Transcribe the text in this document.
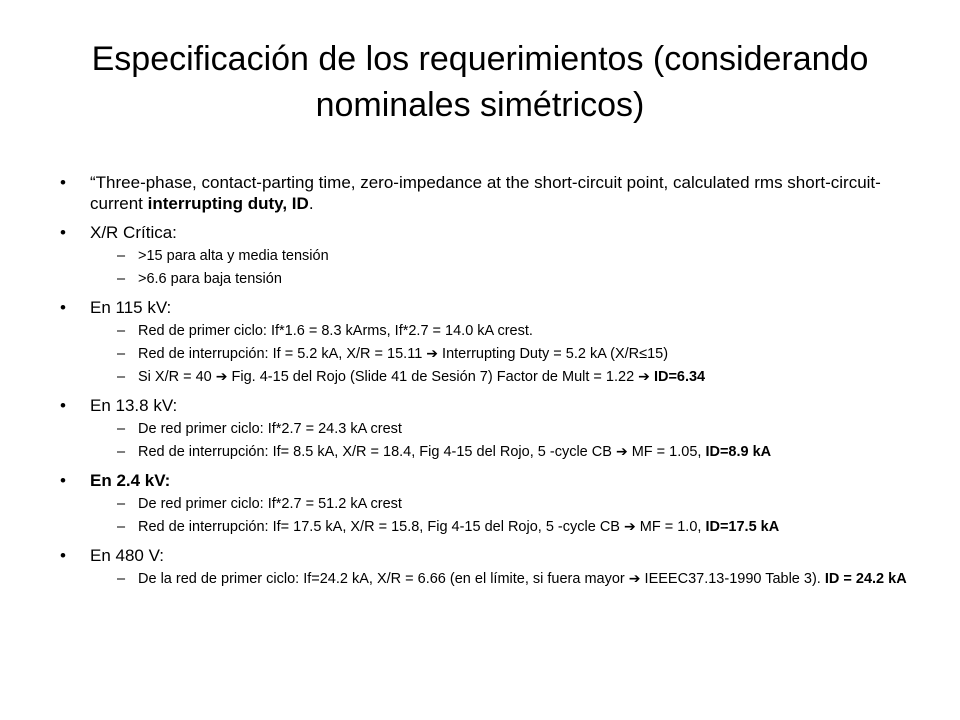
Especificación de los requerimientos (considerando nominales simétricos)
• “Three-phase, contact-parting time, zero-impedance at the short-circuit point, calculated rms short-circuit-current interrupting duty, ID.
• X/R Crítica:
– >15 para alta y media tensión
– >6.6 para baja tensión
• En 115 kV:
– Red de primer ciclo: If*1.6 = 8.3 kArms, If*2.7 = 14.0 kA crest.
– Red de interrupción: If = 5.2 kA, X/R = 15.11 ➔ Interrupting Duty = 5.2 kA (X/R≤15)
– Si X/R = 40 ➔ Fig. 4-15 del Rojo (Slide 41 de Sesión 7) Factor de Mult = 1.22 ➔ ID=6.34
• En 13.8 kV:
– De red primer ciclo: If*2.7 = 24.3 kA crest
– Red de interrupción: If= 8.5 kA, X/R = 18.4, Fig 4-15 del Rojo, 5 -cycle CB ➔ MF = 1.05, ID=8.9 kA
• En 2.4 kV:
– De red primer ciclo: If*2.7 = 51.2 kA crest
– Red de interrupción: If= 17.5 kA, X/R = 15.8, Fig 4-15 del Rojo, 5 -cycle CB ➔ MF = 1.0, ID=17.5 kA
• En 480 V:
– De la red de primer ciclo: If=24.2 kA, X/R = 6.66 (en el límite, si fuera mayor ➔ IEEEC37.13-1990 Table 3). ID = 24.2 kA
